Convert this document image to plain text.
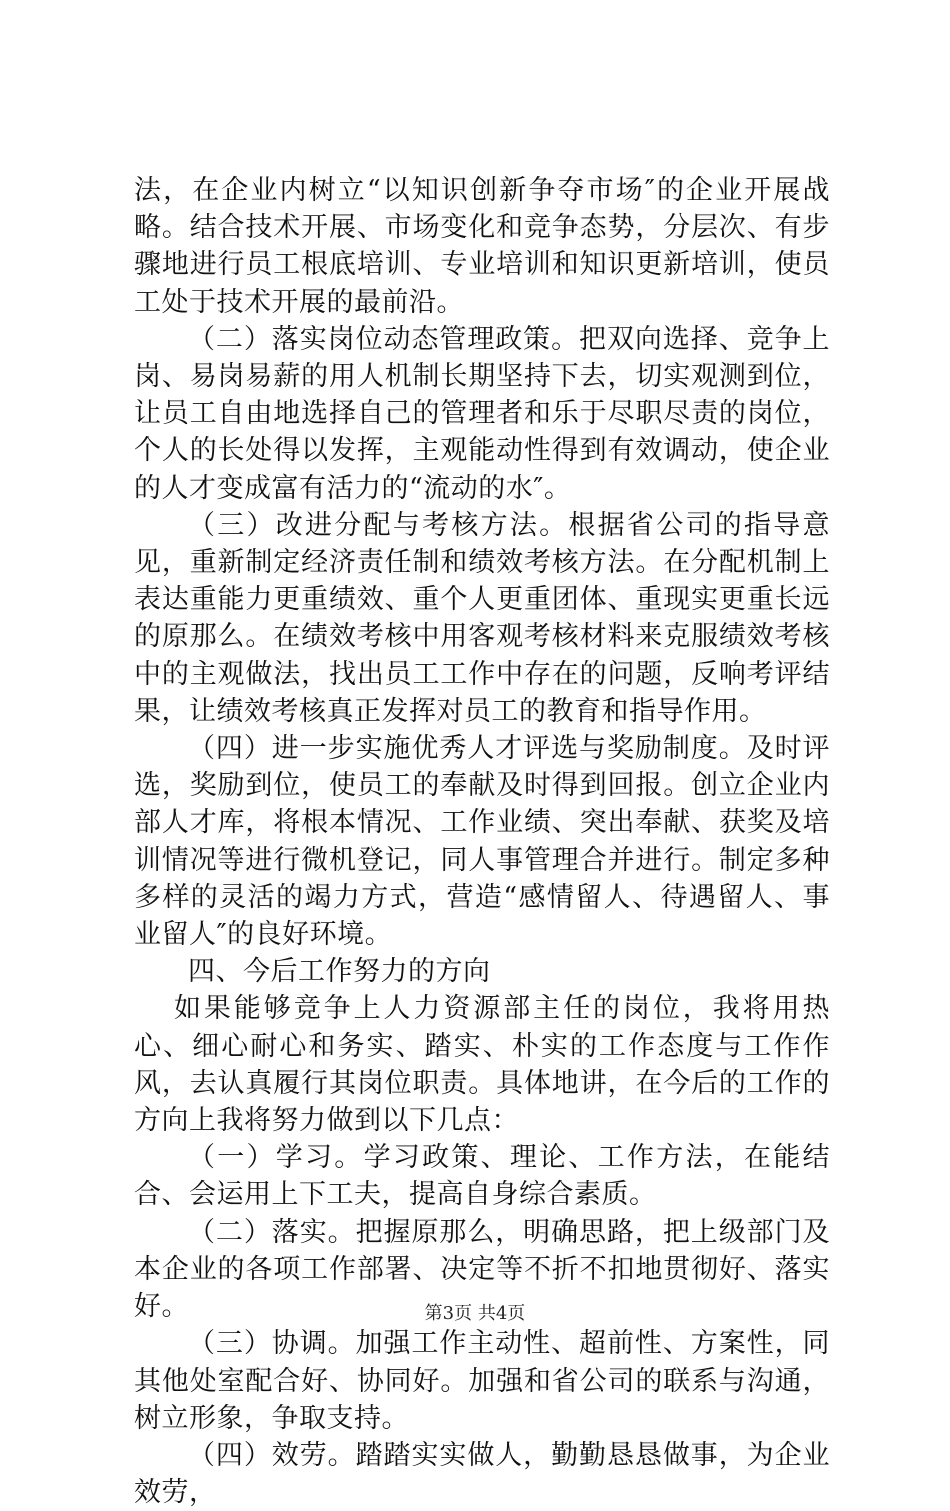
法，在企业内树立“以知识创新争夺市场″的企业开展战略。结合技术开展、市场变化和竞争态势，分层次、有步骤地进行员工根底培训、专业培训和知识更新培训，使员工处于技术开展的最前沿。

（二）落实岗位动态管理政策。把双向选择、竞争上岗、易岗易薪的用人机制长期坚持下去，切实观测到位，让员工自由地选择自己的管理者和乐于尽职尽责的岗位，个人的长处得以发挥，主观能动性得到有效调动，使企业的人才变成富有活力的“流动的水″。

（三）改进分配与考核方法。根据省公司的指导意见，重新制定经济责任制和绩效考核方法。在分配机制上表达重能力更重绩效、重个人更重团体、重现实更重长远的原那么。在绩效考核中用客观考核材料来克服绩效考核中的主观做法，找出员工工作中存在的问题，反响考评结果，让绩效考核真正发挥对员工的教育和指导作用。

（四）进一步实施优秀人才评选与奖励制度。及时评选，奖励到位，使员工的奉献及时得到回报。创立企业内部人才库，将根本情况、工作业绩、突出奉献、获奖及培训情况等进行微机登记，同人事管理合并进行。制定多种多样的灵活的竭力方式，营造“感情留人、待遇留人、事业留人″的良好环境。

四、今后工作努力的方向

如果能够竞争上人力资源部主任的岗位，我将用热心、细心耐心和务实、踏实、朴实的工作态度与工作作风，去认真履行其岗位职责。具体地讲，在今后的工作的方向上我将努力做到以下几点：

（一）学习。学习政策、理论、工作方法，在能结合、会运用上下工夫，提高自身综合素质。

（二）落实。把握原那么，明确思路，把上级部门及本企业的各项工作部署、决定等不折不扣地贯彻好、落实好。

（三）协调。加强工作主动性、超前性、方案性，同其他处室配合好、协同好。加强和省公司的联系与沟通，树立形象，争取支持。

（四）效劳。踏踏实实做人，勤勤恳恳做事，为企业效劳，

第3页 共4页
